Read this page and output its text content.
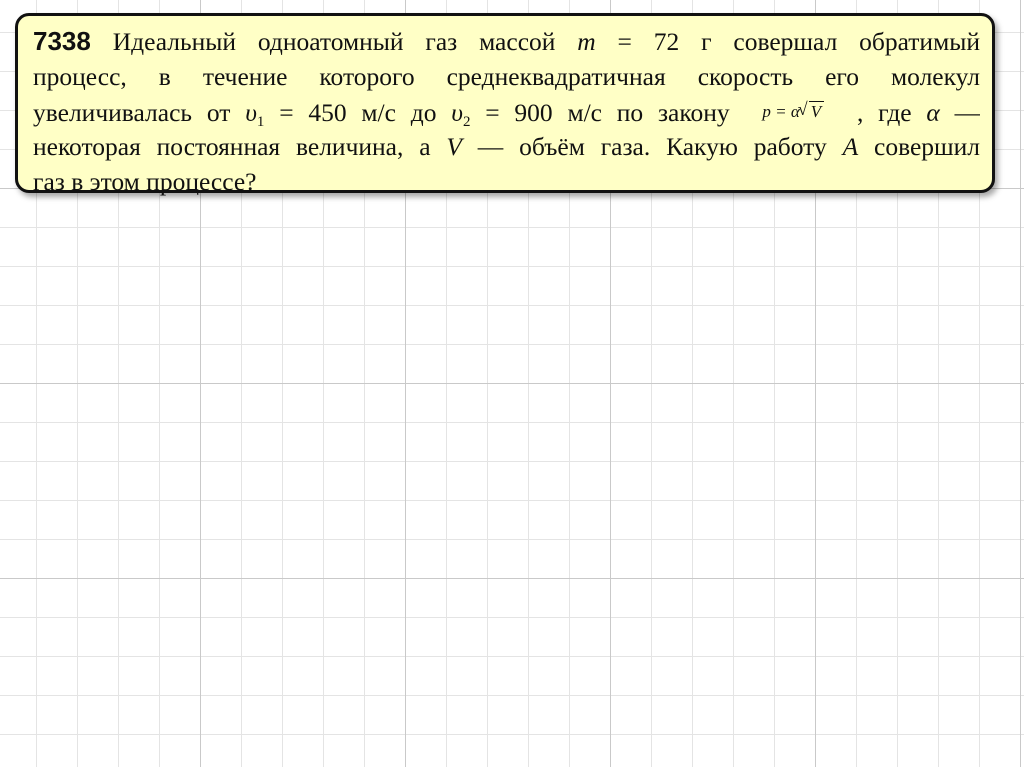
7338 Идеальный одноатомный газ массой m = 72 г совершал обратимый
процесс, в течение которого среднеквадратичная скорость его молекул
увеличивалась от $\upsilon_1 = 450$ м/с до $\upsilon_2 = 900$ м/с по закону p = α√ V , где α —
некоторая постоянная величина, а V — объём газа. Какую работу A совершил
газ в этом процессе?
